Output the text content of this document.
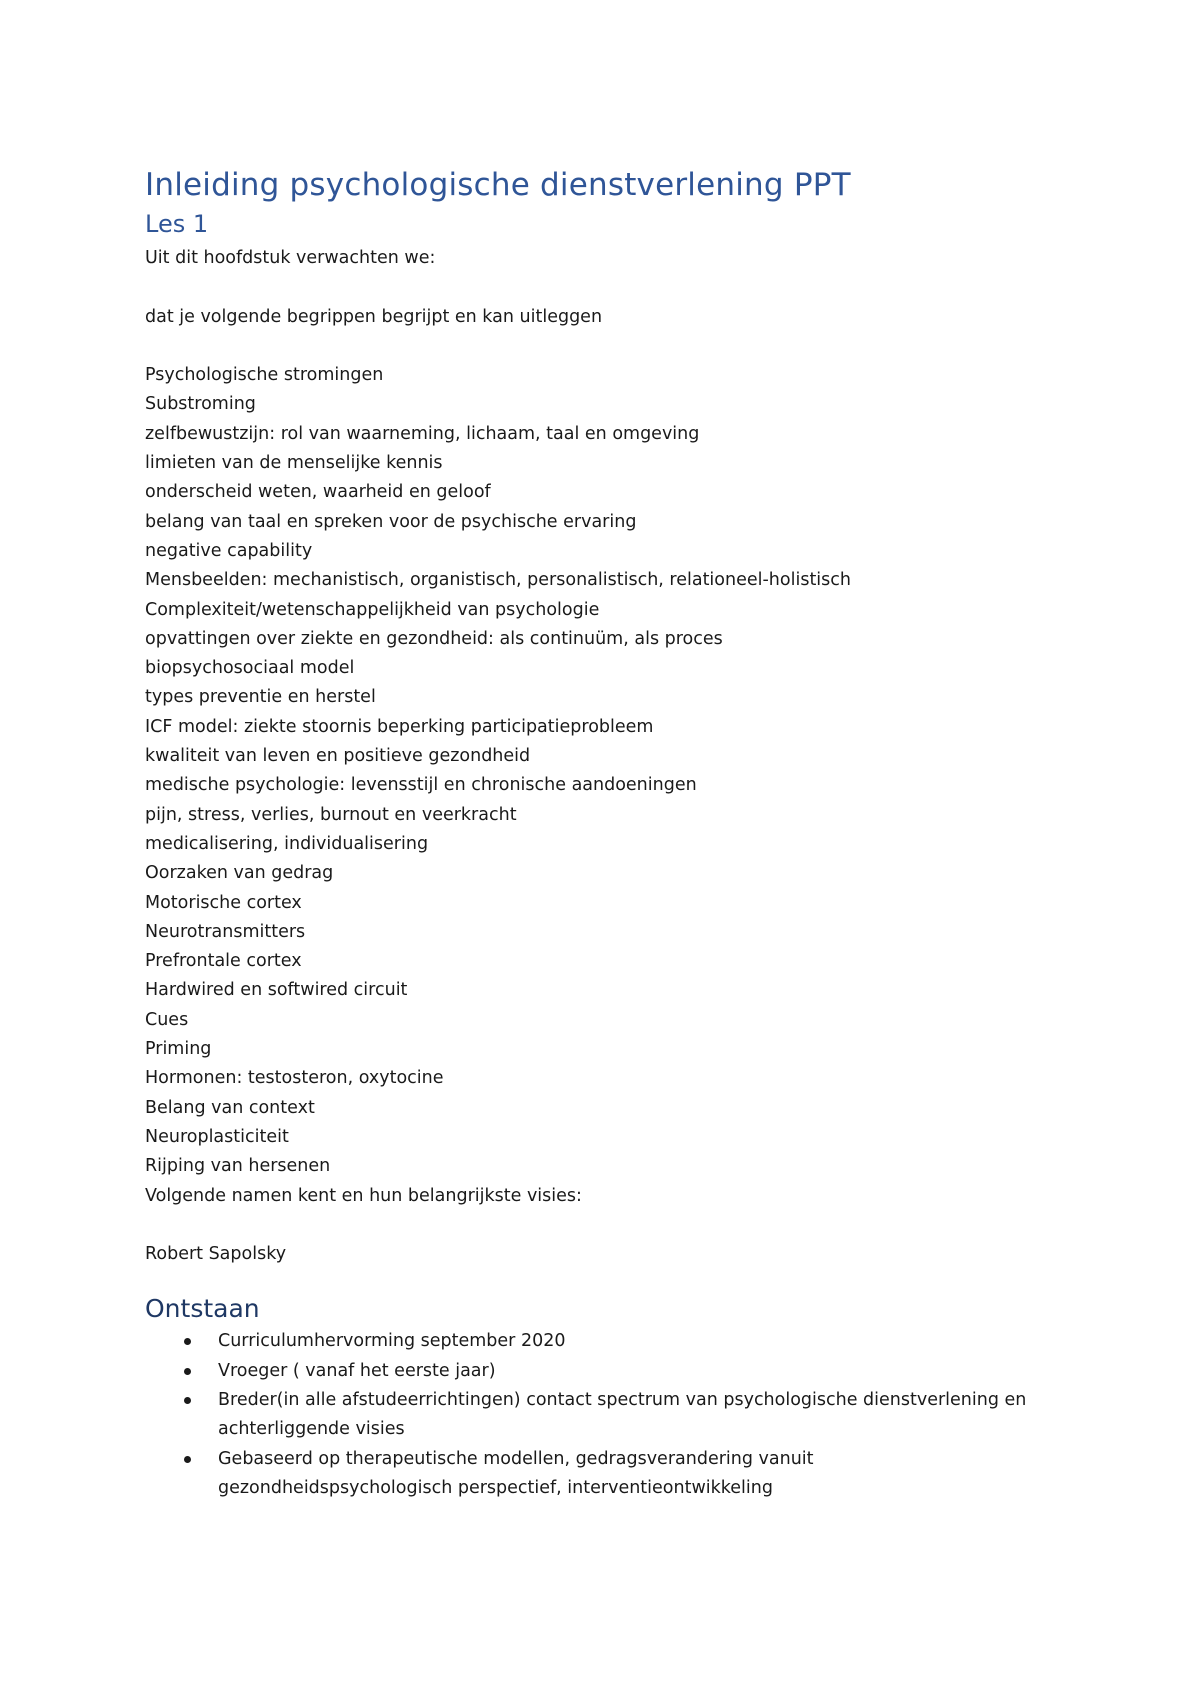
Inleiding psychologische dienstverlening PPT
Les 1

Uit dit hoofdstuk verwachten we:

dat je volgende begrippen begrijpt en kan uitleggen

Psychologische stromingen

Substroming

zelfbewustzijn: rol van waarneming, lichaam, taal en omgeving

limieten van de menselijke kennis

onderscheid weten, waarheid en geloof

belang van taal en spreken voor de psychische ervaring

negative capability

Mensbeelden: mechanistisch, organistisch, personalistisch, relationeel-holistisch

Complexiteit/wetenschappelijkheid van psychologie

opvattingen over ziekte en gezondheid: als continuüm, als proces

biopsychosociaal model

types preventie en herstel

ICF model: ziekte stoornis beperking participatieprobleem

kwaliteit van leven en positieve gezondheid

medische psychologie: levensstijl en chronische aandoeningen

pijn, stress, verlies, burnout en veerkracht

medicalisering, individualisering

Oorzaken van gedrag

Motorische cortex

Neurotransmitters

Prefrontale cortex

Hardwired en softwired circuit

Cues

Priming

Hormonen: testosteron, oxytocine

Belang van context

Neuroplasticiteit

Rijping van hersenen

Volgende namen kent en hun belangrijkste visies:

Robert Sapolsky

Ontstaan
Curriculumhervorming september 2020
Vroeger ( vanaf het eerste jaar)
Breder(in alle afstudeerrichtingen) contact spectrum van psychologische dienstverlening en
achterliggende visies
Gebaseerd op therapeutische modellen, gedragsverandering vanuit
gezondheidspsychologisch perspectief, interventieontwikkeling
